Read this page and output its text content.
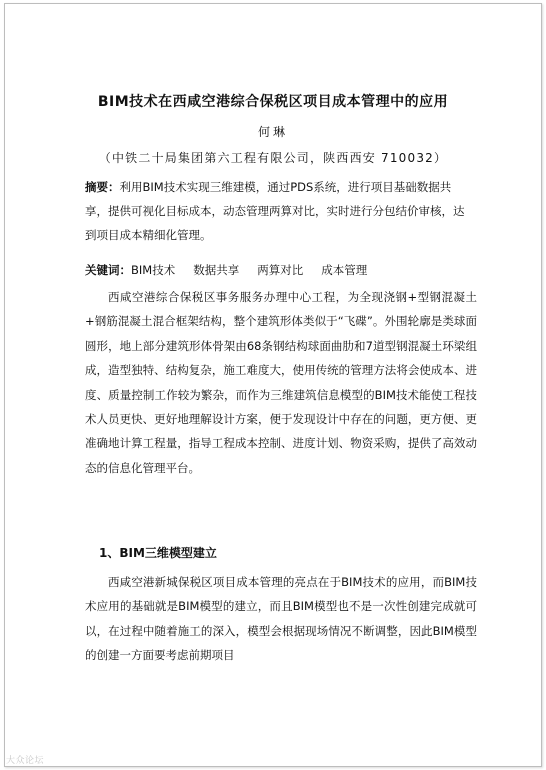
BIM技术在西咸空港综合保税区项目成本管理中的应用
何琳
（中铁二十局集团第六工程有限公司，陕西西安 710032）
摘要：利用BIM技术实现三维建模，通过PDS系统，进行项目基础数据共享，提供可视化目标成本，动态管理两算对比，实时进行分包结价审核，达到项目成本精细化管理。
关键词：BIM技术 数据共享 两算对比 成本管理
西咸空港综合保税区事务服务办理中心工程，为全现浇钢+型钢混凝土+钢筋混凝土混合框架结构，整个建筑形体类似于“飞碟”。外围轮廓是类球面圆形，地上部分建筑形体骨架由68条钢结构球面曲肋和7道型钢混凝土环梁组成，造型独特、结构复杂，施工难度大，使用传统的管理方法将会使成本、进度、质量控制工作较为繁杂，而作为三维建筑信息模型的BIM技术能使工程技术人员更快、更好地理解设计方案，便于发现设计中存在的问题，更方便、更准确地计算工程量，指导工程成本控制、进度计划、物资采购，提供了高效动态的信息化管理平台。
1、BIM三维模型建立
西咸空港新城保税区项目成本管理的亮点在于BIM技术的应用，而BIM技术应用的基础就是BIM模型的建立，而且BIM模型也不是一次性创建完成就可以，在过程中随着施工的深入，模型会根据现场情况不断调整，因此BIM模型的创建一方面要考虑前期项目
大众论坛
